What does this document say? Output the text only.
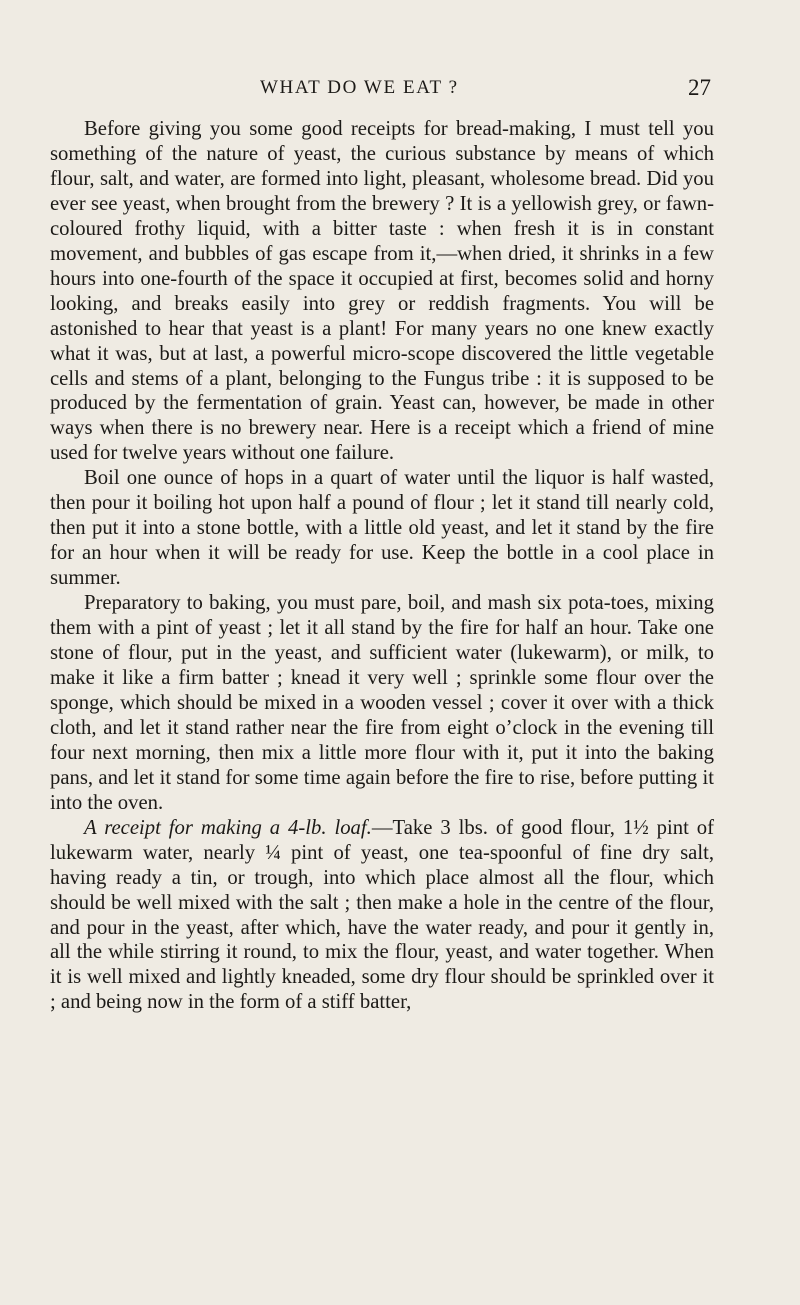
WHAT DO WE EAT ?	27

Before giving you some good receipts for bread-making, I must tell you something of the nature of yeast, the curious substance by means of which flour, salt, and water, are formed into light, pleasant, wholesome bread. Did you ever see yeast, when brought from the brewery ? It is a yellowish grey, or fawn-coloured frothy liquid, with a bitter taste : when fresh it is in constant movement, and bubbles of gas escape from it,—when dried, it shrinks in a few hours into one-fourth of the space it occupied at first, becomes solid and horny looking, and breaks easily into grey or reddish fragments. You will be astonished to hear that yeast is a plant! For many years no one knew exactly what it was, but at last, a powerful micro-scope discovered the little vegetable cells and stems of a plant, belonging to the Fungus tribe : it is supposed to be produced by the fermentation of grain. Yeast can, however, be made in other ways when there is no brewery near. Here is a receipt which a friend of mine used for twelve years without one failure.

Boil one ounce of hops in a quart of water until the liquor is half wasted, then pour it boiling hot upon half a pound of flour ; let it stand till nearly cold, then put it into a stone bottle, with a little old yeast, and let it stand by the fire for an hour when it will be ready for use. Keep the bottle in a cool place in summer.

Preparatory to baking, you must pare, boil, and mash six pota-toes, mixing them with a pint of yeast ; let it all stand by the fire for half an hour. Take one stone of flour, put in the yeast, and sufficient water (lukewarm), or milk, to make it like a firm batter ; knead it very well ; sprinkle some flour over the sponge, which should be mixed in a wooden vessel ; cover it over with a thick cloth, and let it stand rather near the fire from eight o’clock in the evening till four next morning, then mix a little more flour with it, put it into the baking pans, and let it stand for some time again before the fire to rise, before putting it into the oven.

A receipt for making a 4-lb. loaf.—Take 3 lbs. of good flour, 1½ pint of lukewarm water, nearly ¼ pint of yeast, one tea-spoonful of fine dry salt, having ready a tin, or trough, into which place almost all the flour, which should be well mixed with the salt ; then make a hole in the centre of the flour, and pour in the yeast, after which, have the water ready, and pour it gently in, all the while stirring it round, to mix the flour, yeast, and water together. When it is well mixed and lightly kneaded, some dry flour should be sprinkled over it ; and being now in the form of a stiff batter,
